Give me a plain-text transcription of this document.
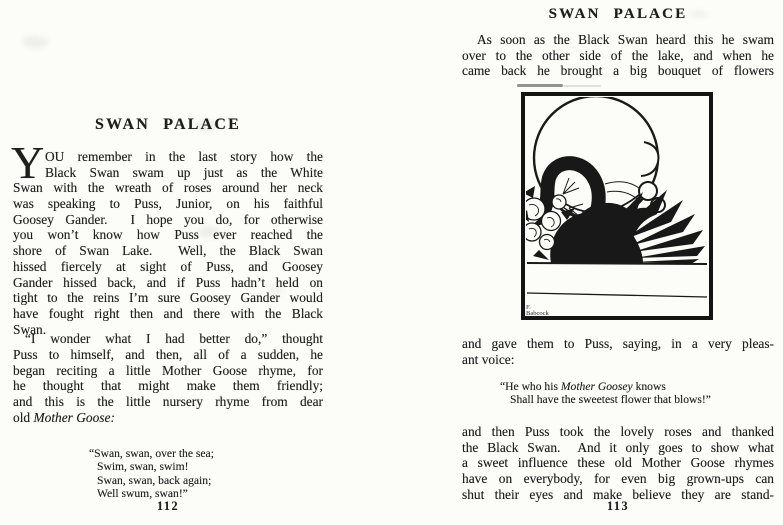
SWAN PALACE
Y OU remember in the last story how the
Black Swan swam up just as the White
Swan with the wreath of roses around her neck
was speaking to Puss, Junior, on his faithful
Goosey Gander.  I hope you do, for otherwise
you won’t know how Puss ever reached the
shore of Swan Lake.  Well, the Black Swan
hissed fiercely at sight of Puss, and Goosey
Gander hissed back, and if Puss hadn’t held on
tight to the reins I’m sure Goosey Gander would
have fought right then and there with the Black
Swan.
“I wonder what I had better do,” thought
Puss to himself, and then, all of a sudden, he
began reciting a little Mother Goose rhyme, for
he thought that might make them friendly;
and this is the little nursery rhyme from dear
old Mother Goose:
“Swan, swan, over the sea;
Swim, swan, swim!
Swan, swan, back again;
Well swum, swan!”
112
SWAN PALACE
As soon as the Black Swan heard this he swam
over to the other side of the lake, and when he
came back he brought a big bouquet of flowers
F.
Babcock
and gave them to Puss, saying, in a very pleas-
ant voice:
“He who his Mother Goosey knows
Shall have the sweetest flower that blows!”
and then Puss took the lovely roses and thanked
the Black Swan.  And it only goes to show what
a sweet influence these old Mother Goose rhymes
have on everybody, for even big grown-ups can
shut their eyes and make believe they are stand-
113
